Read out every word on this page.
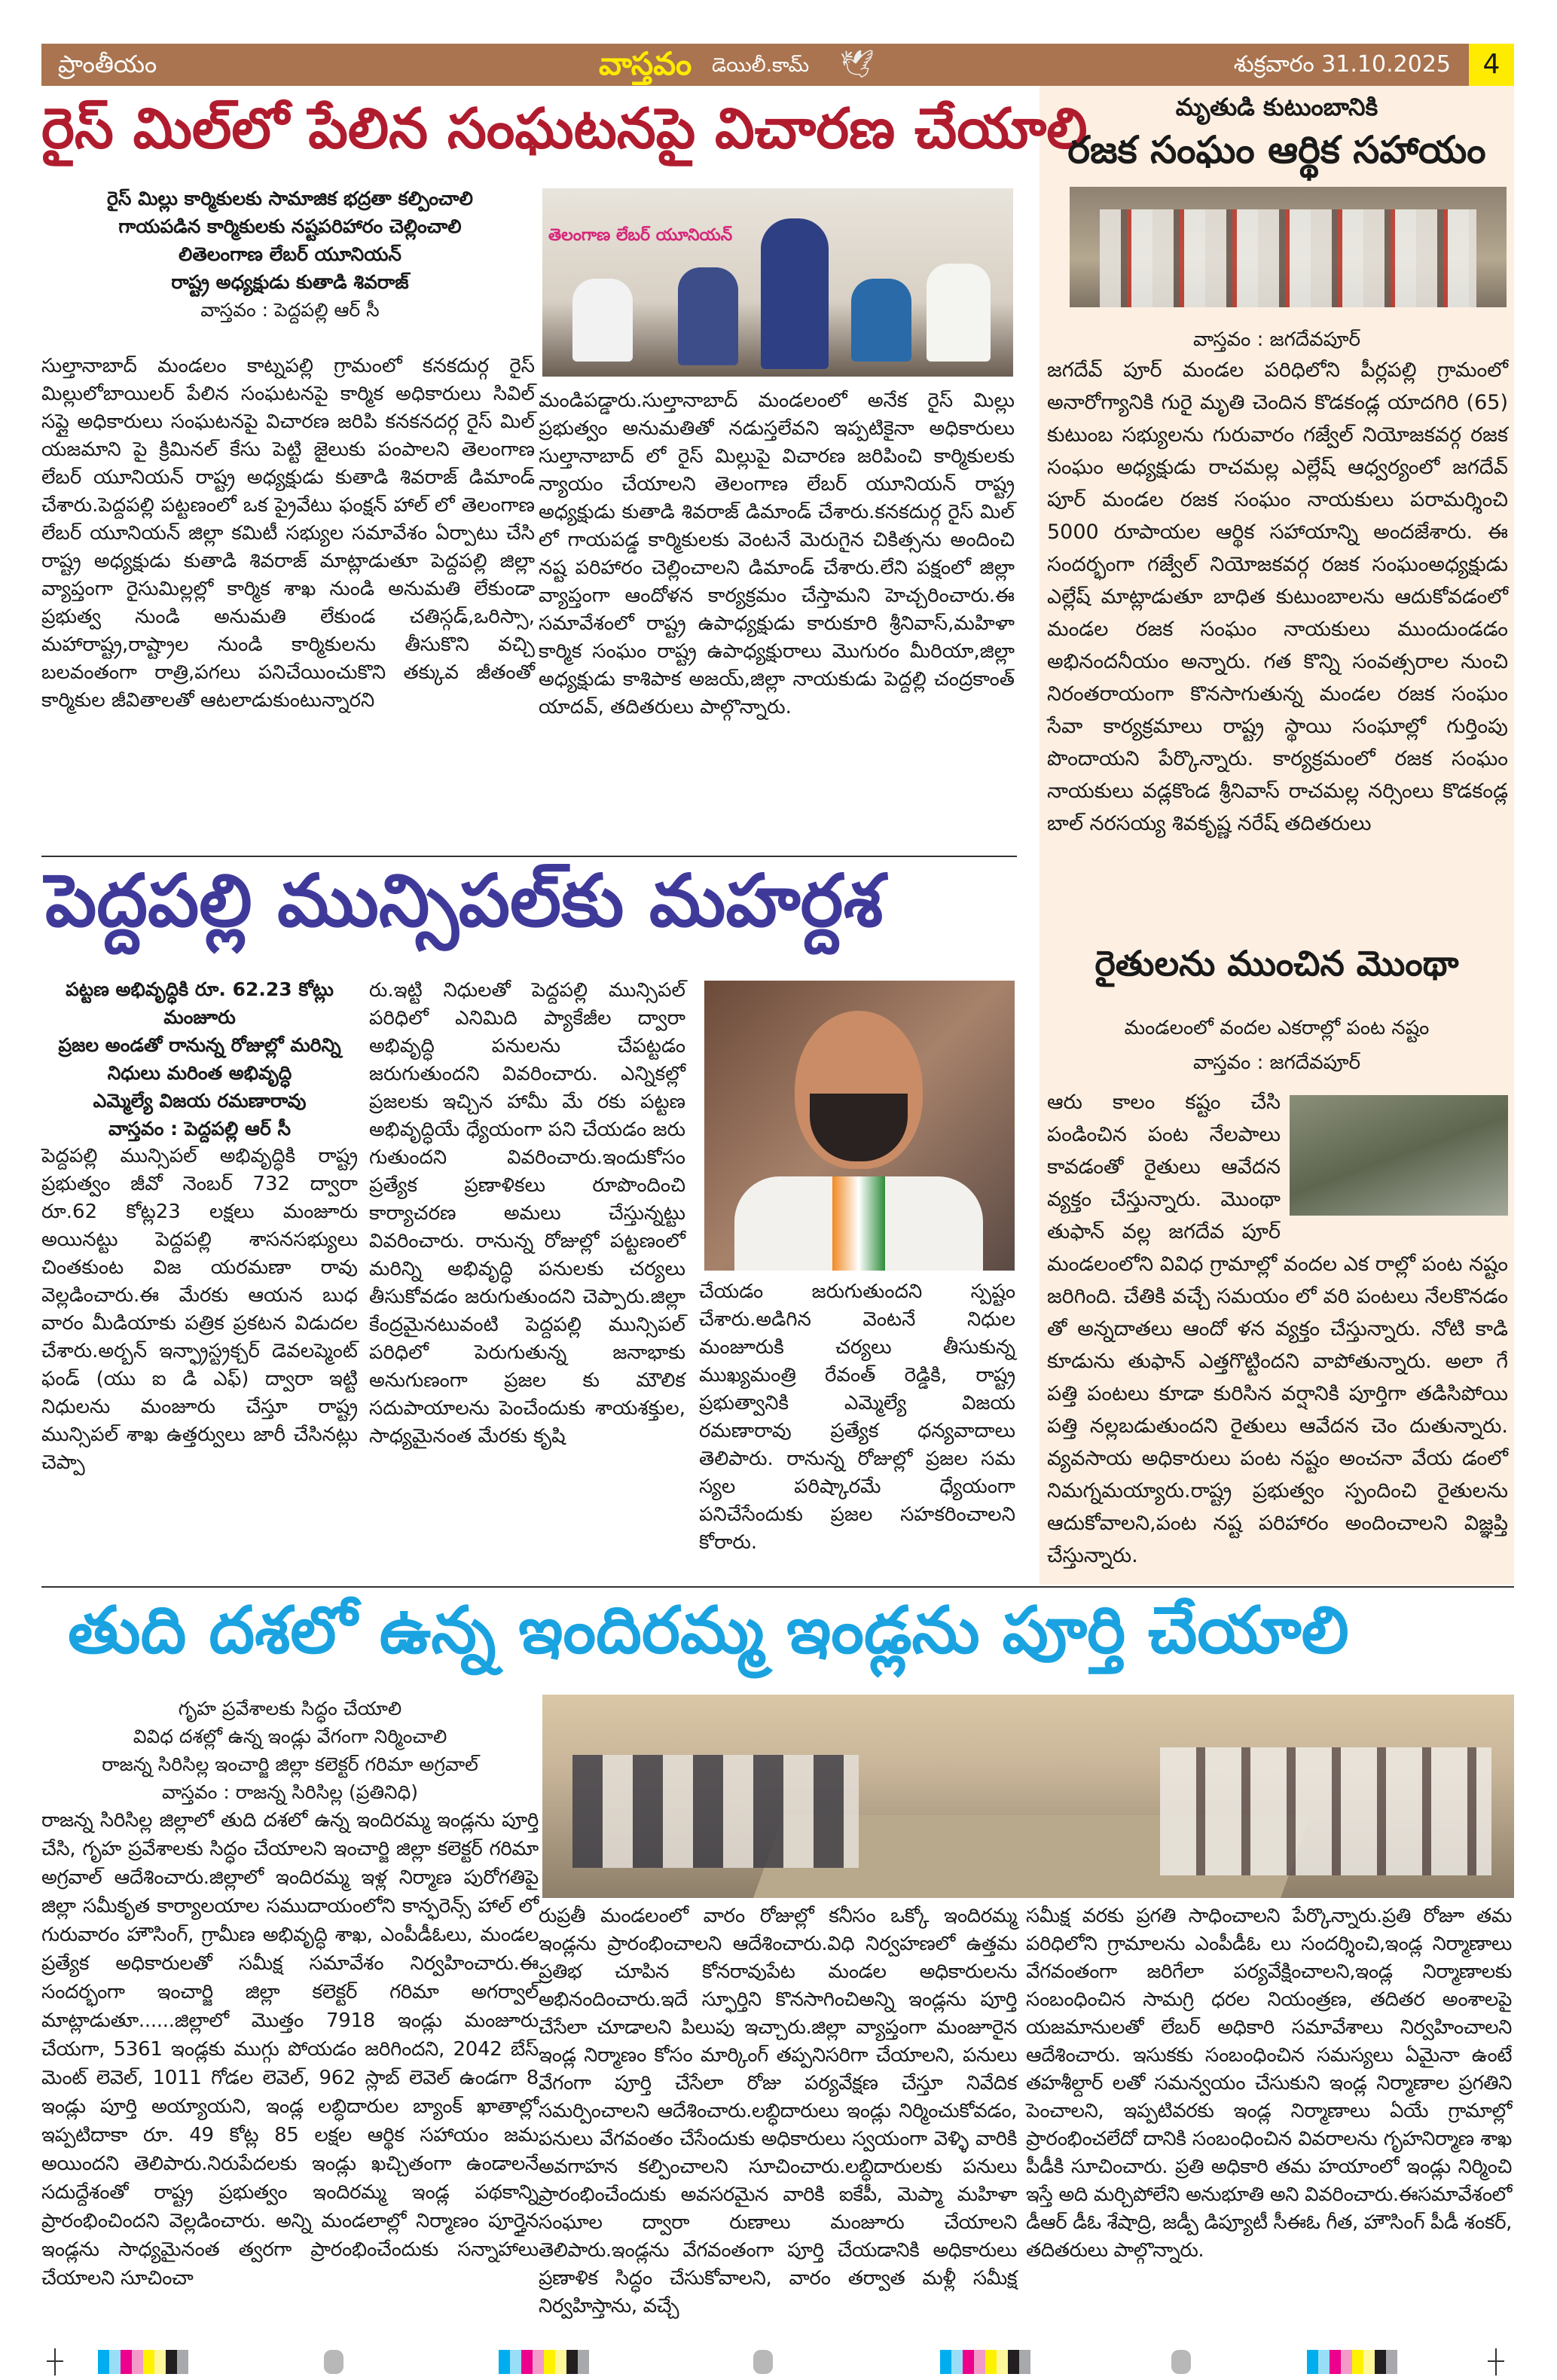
ప్రాంతీయం	వాస్తవం డెయిలీ.కామ్ 🕊	శుక్రవారం 31.10.2025	4
రైస్ మిల్‌లో పేలిన సంఘటనపై విచారణ చేయాలి
రైస్ మిల్లు కార్మికులకు సామాజిక భద్రతా కల్పించాలి
గాయపడిన కార్మికులకు నష్టపరిహారం చెల్లించాలి
లితెలంగాణ లేబర్ యూనియన్
రాష్ట్ర అధ్యక్షుడు కుతాడి శివరాజ్
వాస్తవం : పెద్దపల్లి ఆర్ సీ
తెలంగాణ లేబర్ యూనియన్
సుల్తానాబాద్ మండలం కాట్నపల్లి గ్రామంలో కనకదుర్గ రైస్ మిల్లులోబాయిలర్ పేలిన సంఘటనపై కార్మిక అధికారులు సివిల్ సప్లై అధికారులు సంఘటనపై విచారణ జరిపి కనకనదర్గ రైస్ మిల్ యజమాని పై క్రిమినల్ కేసు పెట్టి జైలుకు పంపాలని తెలంగాణ లేబర్ యూనియన్ రాష్ట్ర అధ్యక్షుడు కుతాడి శివరాజ్ డిమాండ్ చేశారు.పెద్దపల్లి పట్టణంలో ఒక ప్రైవేటు ఫంక్షన్ హాల్ లో తెలంగాణ లేబర్ యూనియన్ జిల్లా కమిటీ సభ్యుల సమావేశం ఏర్పాటు చేసి రాష్ట్ర అధ్యక్షుడు కుతాడి శివరాజ్ మాట్లాడుతూ పెద్దపల్లి జిల్లా వ్యాప్తంగా రైసుమిల్లల్లో కార్మిక శాఖ నుండి అనుమతి లేకుండా ప్రభుత్వ నుండి అనుమతి లేకుండ చతిస్గడ్,ఒరిస్సా, మహారాష్ట్ర,రాష్ట్రాల నుండి కార్మికులను తీసుకొని వచ్చి బలవంతంగా రాత్రి,పగలు పనిచేయించుకొని తక్కువ జీతంతో కార్మికుల జీవితాలతో ఆటలాడుకుంటున్నారని
మండిపడ్డారు.సుల్తానాబాద్ మండలంలో అనేక రైస్ మిల్లు ప్రభుత్వం అనుమతితో నడుస్తలేవని ఇప్పటికైనా అధికారులు సుల్తానాబాద్ లో రైస్ మిల్లుపై విచారణ జరిపించి కార్మికులకు న్యాయం చేయాలని తెలంగాణ లేబర్ యూనియన్ రాష్ట్ర అధ్యక్షుడు కుతాడి శివరాజ్ డిమాండ్ చేశారు.కనకదుర్గ రైస్ మిల్ లో గాయపడ్డ కార్మికులకు వెంటనే మెరుగైన చికిత్సను అందించి నష్ట పరిహారం చెల్లించాలని డిమాండ్ చేశారు.లేని పక్షంలో జిల్లా వ్యాప్తంగా ఆందోళన కార్యక్రమం చేస్తామని హెచ్చరించారు.ఈ సమావేశంలో రాష్ట్ర ఉపాధ్యక్షుడు కారుకూరి శ్రీనివాస్,మహిళా కార్మిక సంఘం రాష్ట్ర ఉపాధ్యక్షురాలు మొగురం మీరియా,జిల్లా అధ్యక్షుడు కాశిపాక అజయ్,జిల్లా నాయకుడు పెద్దల్లి చంద్రకాంత్ యాదవ్, తదితరులు పాల్గొన్నారు.
పెద్దపల్లి మున్సిపల్‌కు మహర్దశ
పట్టణ అభివృద్ధికి రూ. 62.23 కోట్లు మంజూరు
ప్రజల అండతో రానున్న రోజుల్లో మరిన్ని నిధులు మరింత అభివృద్ధి
ఎమ్మెల్యే విజయ రమణారావు
వాస్తవం : పెద్దపల్లి ఆర్ సీ
పెద్దపల్లి మున్సిపల్ అభివృద్ధికి రాష్ట్ర ప్రభుత్వం జీవో నెంబర్ 732 ద్వారా రూ.62 కోట్ల23 లక్షలు మంజూరు అయినట్టు పెద్దపల్లి శాసనసభ్యులు చింతకుంట విజ యరమణా రావు వెల్లడించారు.ఈ మేరకు ఆయన బుధ వారం మీడియాకు పత్రిక ప్రకటన విడుదల చేశారు.అర్బన్ ఇన్ఫ్రాస్ట్రక్చర్ డెవలప్మెంట్ ఫండ్ (యు ఐ డి ఎఫ్) ద్వారా ఇట్టి నిధులను మంజూరు చేస్తూ రాష్ట్ర మున్సిపల్ శాఖ ఉత్తర్వులు జారీ చేసినట్లు చెప్పా
రు.ఇట్టి నిధులతో పెద్దపల్లి మున్సిపల్ పరిధిలో ఎనిమిది ప్యాకేజీల ద్వారా అభివృద్ధి పనులను చేపట్టడం జరుగుతుందని వివరించారు. ఎన్నికల్లో ప్రజలకు ఇచ్చిన హామీ మే రకు పట్టణ అభివృద్ధియే ధ్యేయంగా పని చేయడం జరు గుతుందని వివరించారు.ఇందుకోసం ప్రత్యేక ప్రణాళికలు రూపొందించి కార్యాచరణ అమలు చేస్తున్నట్టు వివరించారు. రానున్న రోజుల్లో పట్టణంలో మరిన్ని అభివృద్ధి పనులకు చర్యలు తీసుకోవడం జరుగుతుందని చెప్పారు.జిల్లా కేంద్రమైనటువంటి పెద్దపల్లి మున్సిపల్ పరిధిలో పెరుగుతున్న జనాభాకు అనుగుణంగా ప్రజల కు మౌలిక సదుపాయాలను పెంచేందుకు శాయశక్తుల, సాధ్యమైనంత మేరకు కృషి
చేయడం జరుగుతుందని స్పష్టం చేశారు.అడిగిన వెంటనే నిధుల మంజూరుకి చర్యలు తీసుకున్న ముఖ్యమంత్రి రేవంత్ రెడ్డికి, రాష్ట్ర ప్రభుత్వానికి ఎమ్మెల్యే విజయ రమణారావు ప్రత్యేక ధన్యవాదాలు తెలిపారు. రానున్న రోజుల్లో ప్రజల సమ స్యల పరిష్కారమే ధ్యేయంగా పనిచేసేందుకు ప్రజల సహకరించాలని కోరారు.
మృతుడి కుటుంబానికి
రజక సంఘం ఆర్థిక సహాయం
వాస్తవం : జగదేవపూర్
జగదేవ్ పూర్ మండల పరిధిలోని పీర్లపల్లి గ్రామంలో అనారోగ్యానికి గురై మృతి చెందిన కొడకండ్ల యాదగిరి (65) కుటుంబ సభ్యులను గురువారం గజ్వేల్ నియోజకవర్గ రజక సంఘం అధ్యక్షుడు రాచమల్ల ఎల్లేష్ ఆధ్వర్యంలో జగదేవ్ పూర్ మండల రజక సంఘం నాయకులు పరామర్శించి 5000 రూపాయల ఆర్థిక సహాయాన్ని అందజేశారు. ఈ సందర్భంగా గజ్వేల్ నియోజకవర్గ రజక సంఘంఅధ్యక్షుడు ఎల్లేష్ మాట్లాడుతూ బాధిత కుటుంబాలను ఆదుకోవడంలో మండల రజక సంఘం నాయకులు ముందుండడం అభినందనీయం అన్నారు. గత కొన్ని సంవత్సరాల నుంచి నిరంతరాయంగా కొనసాగుతున్న మండల రజక సంఘం సేవా కార్యక్రమాలు రాష్ట్ర స్థాయి సంఘాల్లో గుర్తింపు పొందాయని పేర్కొన్నారు. కార్యక్రమంలో రజక సంఘం నాయకులు వడ్లకొండ శ్రీనివాస్ రాచమల్ల నర్సింలు కొడకండ్ల బాల్ నరసయ్య శివకృష్ణ నరేష్ తదితరులు
రైతులను ముంచిన మొంథా
మండలంలో వందల ఎకరాల్లో పంట నష్టం
వాస్తవం : జగదేవపూర్
ఆరు కాలం కష్టం చేసి పండించిన పంట నేలపాలు కావడంతో రైతులు ఆవేదన వ్యక్తం చేస్తున్నారు. మొంథా తుఫాన్ వల్ల జగదేవ పూర్ మండలంలోని వివిధ గ్రామాల్లో వందల ఎక రాల్లో పంట నష్టం జరిగింది. చేతికి వచ్చే సమయం లో వరి పంటలు నేలకొనడం తో అన్నదాతలు ఆందో ళన వ్యక్తం చేస్తున్నారు. నోటి కాడి కూడును తుఫాన్ ఎత్తగొట్టిందని వాపోతున్నారు. అలా గే పత్తి పంటలు కూడా కురిసిన వర్షానికి పూర్తిగా తడిసిపోయి పత్తి నల్లబడుతుందని రైతులు ఆవేదన చెం దుతున్నారు. వ్యవసాయ అధికారులు పంట నష్టం అంచనా వేయ డంలో నిమగ్నమయ్యారు.రాష్ట్ర ప్రభుత్వం స్పందించి రైతులను ఆదుకోవాలని,పంట నష్ట పరిహారం అందించాలని విజ్ఞప్తి చేస్తున్నారు.
తుది దశలో ఉన్న ఇందిరమ్మ ఇండ్లను పూర్తి చేయాలి
గృహ ప్రవేశాలకు సిద్ధం చేయాలి
వివిధ దశల్లో ఉన్న ఇండ్లు వేగంగా నిర్మించాలి
రాజన్న సిరిసిల్ల ఇంచార్జి జిల్లా కలెక్టర్ గరిమా అగ్రవాల్
వాస్తవం : రాజన్న సిరిసిల్ల (ప్రతినిధి)
రాజన్న సిరిసిల్ల జిల్లాలో తుది దశలో ఉన్న ఇందిరమ్మ ఇండ్లను పూర్తి చేసి, గృహ ప్రవేశాలకు సిద్ధం చేయాలని ఇంచార్జి జిల్లా కలెక్టర్ గరిమా అగ్రవాల్ ఆదేశించారు.జిల్లాలో ఇందిరమ్మ ఇళ్ల నిర్మాణ పురోగతిపై జిల్లా సమీకృత కార్యాలయాల సముదాయంలోని కాన్ఫరెన్స్ హాల్ లో గురువారం హౌసింగ్, గ్రామీణ అభివృద్ధి శాఖ, ఎంపీడీఓలు, మండల ప్రత్యేక అధికారులతో సమీక్ష సమావేశం నిర్వహించారు.ఈ సందర్భంగా ఇంచార్జి జిల్లా కలెక్టర్ గరిమా అగర్వాల్ మాట్లాడుతూ......జిల్లాలో మొత్తం 7918 ఇండ్లు మంజూరు చేయగా, 5361 ఇండ్లకు ముగ్గు పోయడం జరిగిందని, 2042 బేస్ మెంట్ లెవెల్, 1011 గోడల లెవెల్, 962 స్లాబ్ లెవెల్ ఉండగా 8 ఇండ్లు పూర్తి అయ్యాయని, ఇండ్ల లబ్ధిదారుల బ్యాంక్ ఖాతాల్లో ఇప్పటిదాకా రూ. 49 కోట్ల 85 లక్షల ఆర్థిక సహాయం జమ అయిందని తెలిపారు.నిరుపేదలకు ఇండ్లు ఖచ్చితంగా ఉండాలనే సదుద్దేశంతో రాష్ట్ర ప్రభుత్వం ఇందిరమ్మ ఇండ్ల పథకాన్ని ప్రారంభించిందని వెల్లడించారు. అన్ని మండలాల్లో నిర్మాణం పూర్తైన ఇండ్లను సాధ్యమైనంత త్వరగా ప్రారంభించేందుకు సన్నాహాలు చేయాలని సూచించా
రుప్రతీ మండలంలో వారం రోజుల్లో కనీసం ఒక్కో ఇందిరమ్మ ఇండ్లను ప్రారంభించాలని ఆదేశించారు.విధి నిర్వహణలో ఉత్తమ ప్రతిభ చూపిన కోనరావుపేట మండల అధికారులను అభినందించారు.ఇదే స్ఫూర్తిని కొనసాగించిఅన్ని ఇండ్లను పూర్తి చేసేలా చూడాలని పిలుపు ఇచ్చారు.జిల్లా వ్యాప్తంగా మంజూరైన ఇండ్ల నిర్మాణం కోసం మార్కింగ్ తప్పనిసరిగా చేయాలని, పనులు వేగంగా పూర్తి చేసేలా రోజు పర్యవేక్షణ చేస్తూ నివేదిక సమర్పించాలని ఆదేశించారు.లబ్ధిదారులు ఇండ్లు నిర్మించుకోవడం, పనులు వేగవంతం చేసేందుకు అధికారులు స్వయంగా వెళ్ళి వారికి అవగాహన కల్పించాలని సూచించారు.లబ్ధిదారులకు పనులు ప్రారంభించేందుకు అవసరమైన వారికి ఐకేపీ, మెప్మా మహిళా సంఘాల ద్వారా రుణాలు మంజూరు చేయాలని తెలిపారు.ఇండ్లను వేగవంతంగా పూర్తి చేయడానికి అధికారులు ప్రణాళిక సిద్ధం చేసుకోవాలని, వారం తర్వాత మళ్లీ సమీక్ష నిర్వహిస్తాను, వచ్చే
సమీక్ష వరకు ప్రగతి సాధించాలని పేర్కొన్నారు.ప్రతి రోజూ తమ పరిధిలోని గ్రామాలను ఎంపీడీఓ లు సందర్శించి,ఇండ్ల నిర్మాణాలు వేగవంతంగా జరిగేలా పర్యవేక్షించాలని,ఇండ్ల నిర్మాణాలకు సంబంధించిన సామగ్రి ధరల నియంత్రణ, తదితర అంశాలపై యజమానులతో లేబర్ అధికారి సమావేశాలు నిర్వహించాలని ఆదేశించారు. ఇసుకకు సంబంధించిన సమస్యలు ఏమైనా ఉంటే తహశీల్దార్ లతో సమన్వయం చేసుకుని ఇండ్ల నిర్మాణాల ప్రగతిని పెంచాలని, ఇప్పటివరకు ఇండ్ల నిర్మాణాలు ఏయే గ్రామాల్లో ప్రారంభించలేదో దానికి సంబంధించిన వివరాలను గృహనిర్మాణ శాఖ పీడీకి సూచించారు. ప్రతి అధికారి తమ హయాంలో ఇండ్లు నిర్మించి ఇస్తే అది మర్చిపోలేని అనుభూతి అని వివరించారు.ఈసమావేశంలో డీఆర్ డీఓ శేషాద్రి, జడ్పీ డిప్యూటీ సీఈఓ గీత, హౌసింగ్ పీడీ శంకర్, తదితరులు పాల్గొన్నారు.
